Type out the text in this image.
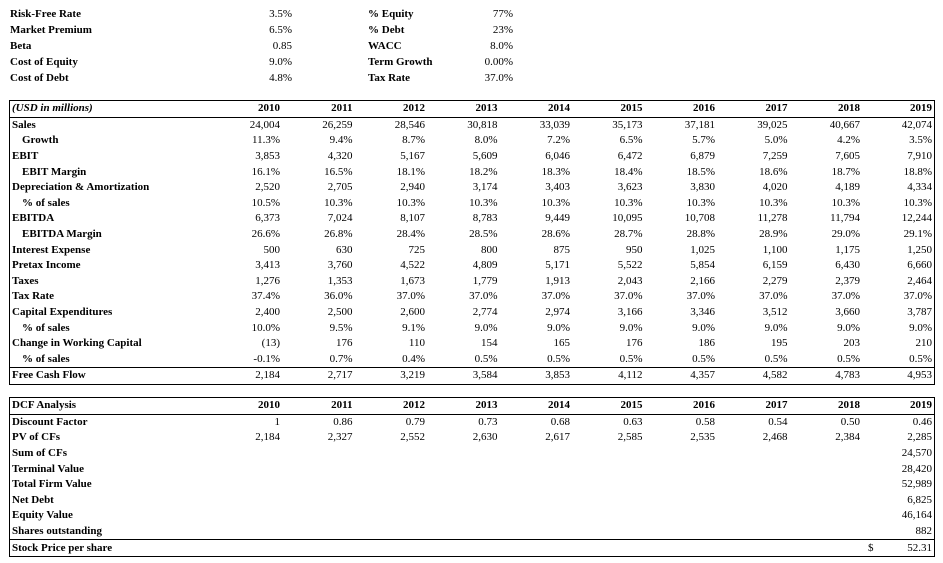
Risk-Free Rate	3.5%
Market Premium	6.5%
Beta	0.85
Cost of Equity	9.0%
Cost of Debt	4.8%
% Equity	77%
% Debt	23%
WACC	8.0%
Term Growth	0.00%
Tax Rate	37.0%
(USD in millions)	2010	2011	2012	2013	2014	2015	2016	2017	2018	2019
Sales	24,004	26,259	28,546	30,818	33,039	35,173	37,181	39,025	40,667	42,074
Growth	11.3%	9.4%	8.7%	8.0%	7.2%	6.5%	5.7%	5.0%	4.2%	3.5%
EBIT	3,853	4,320	5,167	5,609	6,046	6,472	6,879	7,259	7,605	7,910
EBIT Margin	16.1%	16.5%	18.1%	18.2%	18.3%	18.4%	18.5%	18.6%	18.7%	18.8%
Depreciation & Amortization	2,520	2,705	2,940	3,174	3,403	3,623	3,830	4,020	4,189	4,334
% of sales	10.5%	10.3%	10.3%	10.3%	10.3%	10.3%	10.3%	10.3%	10.3%	10.3%
EBITDA	6,373	7,024	8,107	8,783	9,449	10,095	10,708	11,278	11,794	12,244
EBITDA Margin	26.6%	26.8%	28.4%	28.5%	28.6%	28.7%	28.8%	28.9%	29.0%	29.1%
Interest Expense	500	630	725	800	875	950	1,025	1,100	1,175	1,250
Pretax Income	3,413	3,760	4,522	4,809	5,171	5,522	5,854	6,159	6,430	6,660
Taxes	1,276	1,353	1,673	1,779	1,913	2,043	2,166	2,279	2,379	2,464
Tax Rate	37.4%	36.0%	37.0%	37.0%	37.0%	37.0%	37.0%	37.0%	37.0%	37.0%
Capital Expenditures	2,400	2,500	2,600	2,774	2,974	3,166	3,346	3,512	3,660	3,787
% of sales	10.0%	9.5%	9.1%	9.0%	9.0%	9.0%	9.0%	9.0%	9.0%	9.0%
Change in Working Capital	(13)	176	110	154	165	176	186	195	203	210
% of sales	-0.1%	0.7%	0.4%	0.5%	0.5%	0.5%	0.5%	0.5%	0.5%	0.5%
Free Cash Flow	2,184	2,717	3,219	3,584	3,853	4,112	4,357	4,582	4,783	4,953
DCF Analysis	2010	2011	2012	2013	2014	2015	2016	2017	2018	2019
Discount Factor	1	0.86	0.79	0.73	0.68	0.63	0.58	0.54	0.50	0.46
PV of CFs	2,184	2,327	2,552	2,630	2,617	2,585	2,535	2,468	2,384	2,285
Sum of CFs										24,570
Terminal Value										28,420
Total Firm Value										52,989
Net Debt										6,825
Equity Value										46,164
Shares outstanding										882
Stock Price per share										$ 52.31
